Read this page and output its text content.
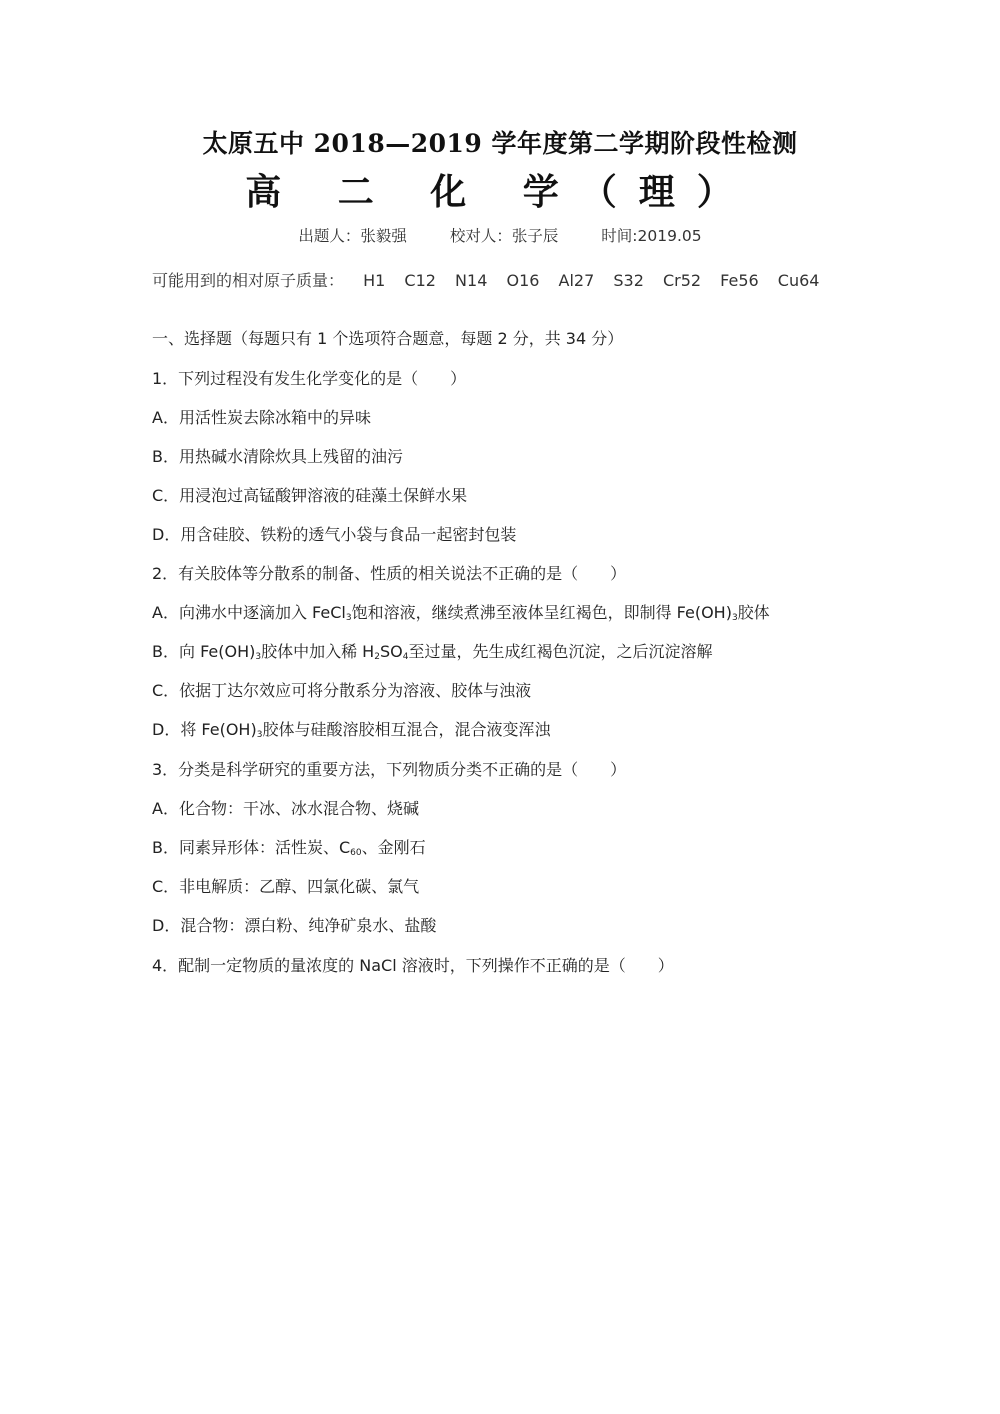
太原五中 2018—2019 学年度第二学期阶段性检测
高 二 化 学（理）
出题人：张毅强	校对人：张子辰	时间:2019.05
可能用到的相对原子质量： H1 C12 N14 O16 Al27 S32 Cr52 Fe56 Cu64
一、选择题（每题只有 1 个选项符合题意，每题 2 分，共 34 分）
1．下列过程没有发生化学变化的是（　　）
A．用活性炭去除冰箱中的异味
B．用热碱水清除炊具上残留的油污
C．用浸泡过高锰酸钾溶液的硅藻土保鲜水果
D．用含硅胶、铁粉的透气小袋与食品一起密封包装
2．有关胶体等分散系的制备、性质的相关说法不正确的是（　　）
A．向沸水中逐滴加入 FeCl$_3$饱和溶液，继续煮沸至液体呈红褐色，即制得 $Fe(OH)_3$胶体
B．向 $Fe(OH)_3$胶体中加入稀 $H_2SO_4$至过量，先生成红褐色沉淀，之后沉淀溶解
C．依据丁达尔效应可将分散系分为溶液、胶体与浊液
D．将 $Fe(OH)_3$胶体与硅酸溶胶相互混合，混合液变浑浊
3．分类是科学研究的重要方法，下列物质分类不正确的是（　　）
A．化合物：干冰、冰水混合物、烧碱
B．同素异形体：活性炭、$C_{60}$、金刚石
C．非电解质：乙醇、四氯化碳、氯气
D．混合物：漂白粉、纯净矿泉水、盐酸
4．配制一定物质的量浓度的 NaCl 溶液时，下列操作不正确的是（　　）
